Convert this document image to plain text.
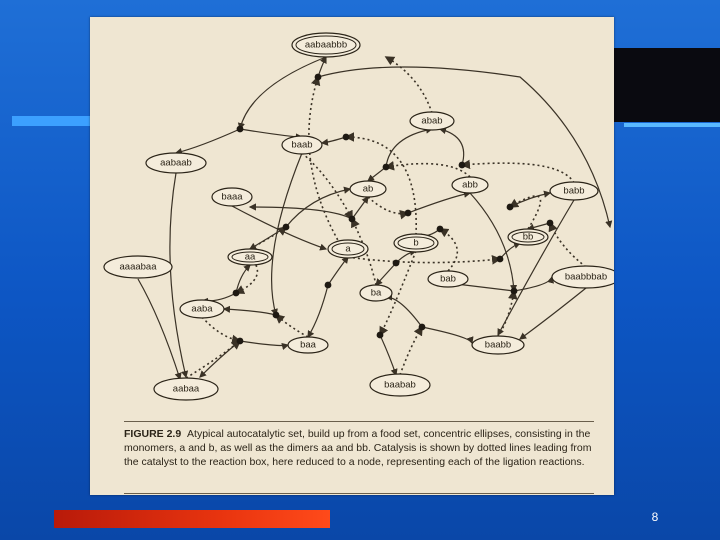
aabaabbb
abab
baab
aabaab
ab	abb
babb
baaa
bb
a
b
aa
aaaabaa
bab	baabbbab
ba
aaba
baa	baabb
aabaa	baabab

FIGURE 2.9 Atypical autocatalytic set, build up from a food set, concentric ellipses, consisting in the monomers, a and b, as well as the dimers aa and bb. Catalysis is shown by dotted lines leading from the catalyst to the reaction box, here reduced to a node, representing each of the ligation reactions.

8
